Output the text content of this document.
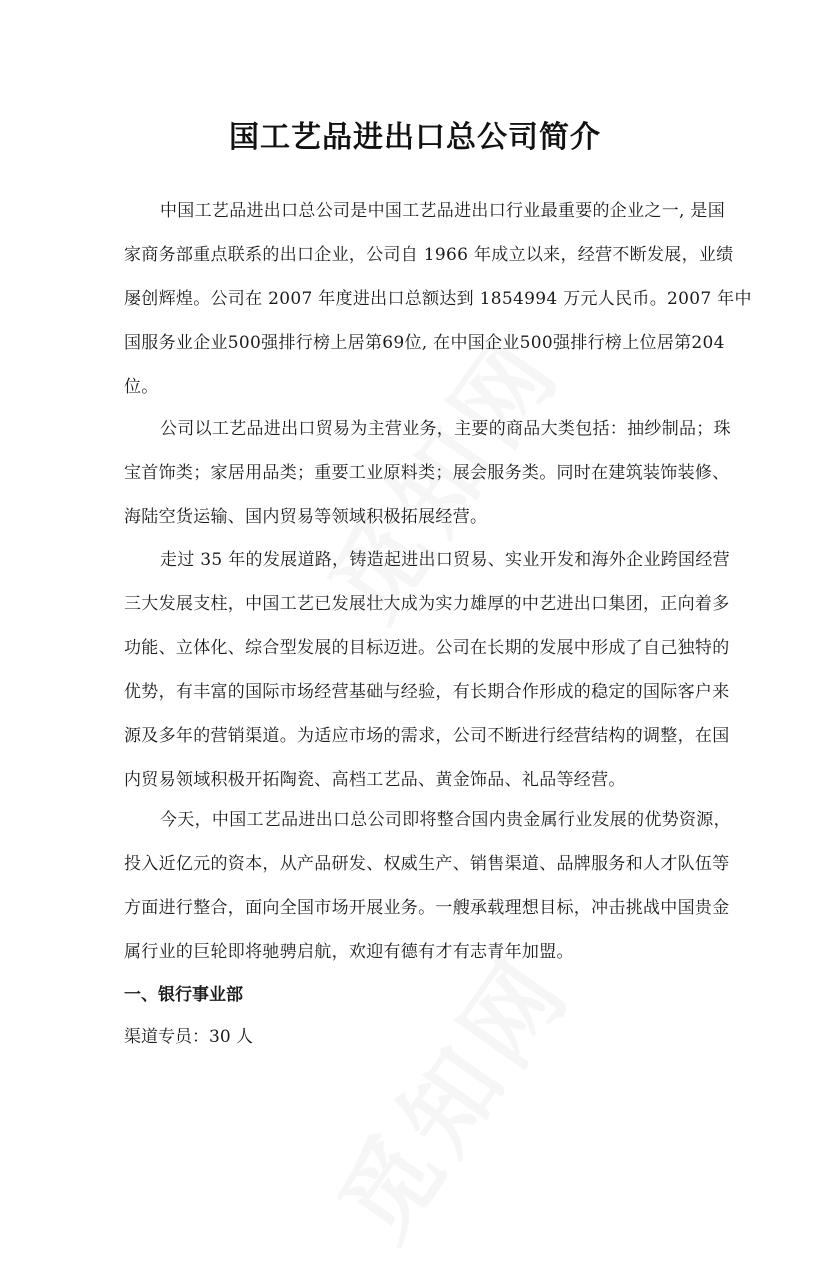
国工艺品进出口总公司简介

中国工艺品进出口总公司是中国工艺品进出口行业最重要的企业之一, 是国
家商务部重点联系的出口企业，公司自 1966 年成立以来，经营不断发展，业绩
屡创辉煌。公司在 2007 年度进出口总额达到 1854994 万元人民币。2007 年中
国服务业企业500强排行榜上居第69位, 在中国企业500强排行榜上位居第204
位。

公司以工艺品进出口贸易为主营业务，主要的商品大类包括：抽纱制品；珠
宝首饰类；家居用品类；重要工业原料类；展会服务类。同时在建筑装饰装修、
海陆空货运输、国内贸易等领域积极拓展经营。

走过 35 年的发展道路，铸造起进出口贸易、实业开发和海外企业跨国经营
三大发展支柱，中国工艺已发展壮大成为实力雄厚的中艺进出口集团，正向着多
功能、立体化、综合型发展的目标迈进。公司在长期的发展中形成了自己独特的
优势，有丰富的国际市场经营基础与经验，有长期合作形成的稳定的国际客户来
源及多年的营销渠道。为适应市场的需求，公司不断进行经营结构的调整，在国
内贸易领域积极开拓陶瓷、高档工艺品、黄金饰品、礼品等经营。

今天，中国工艺品进出口总公司即将整合国内贵金属行业发展的优势资源，
投入近亿元的资本，从产品研发、权威生产、销售渠道、品牌服务和人才队伍等
方面进行整合，面向全国市场开展业务。一艘承载理想目标，冲击挑战中国贵金
属行业的巨轮即将驰骋启航，欢迎有德有才有志青年加盟。

一、银行事业部

渠道专员：30 人
